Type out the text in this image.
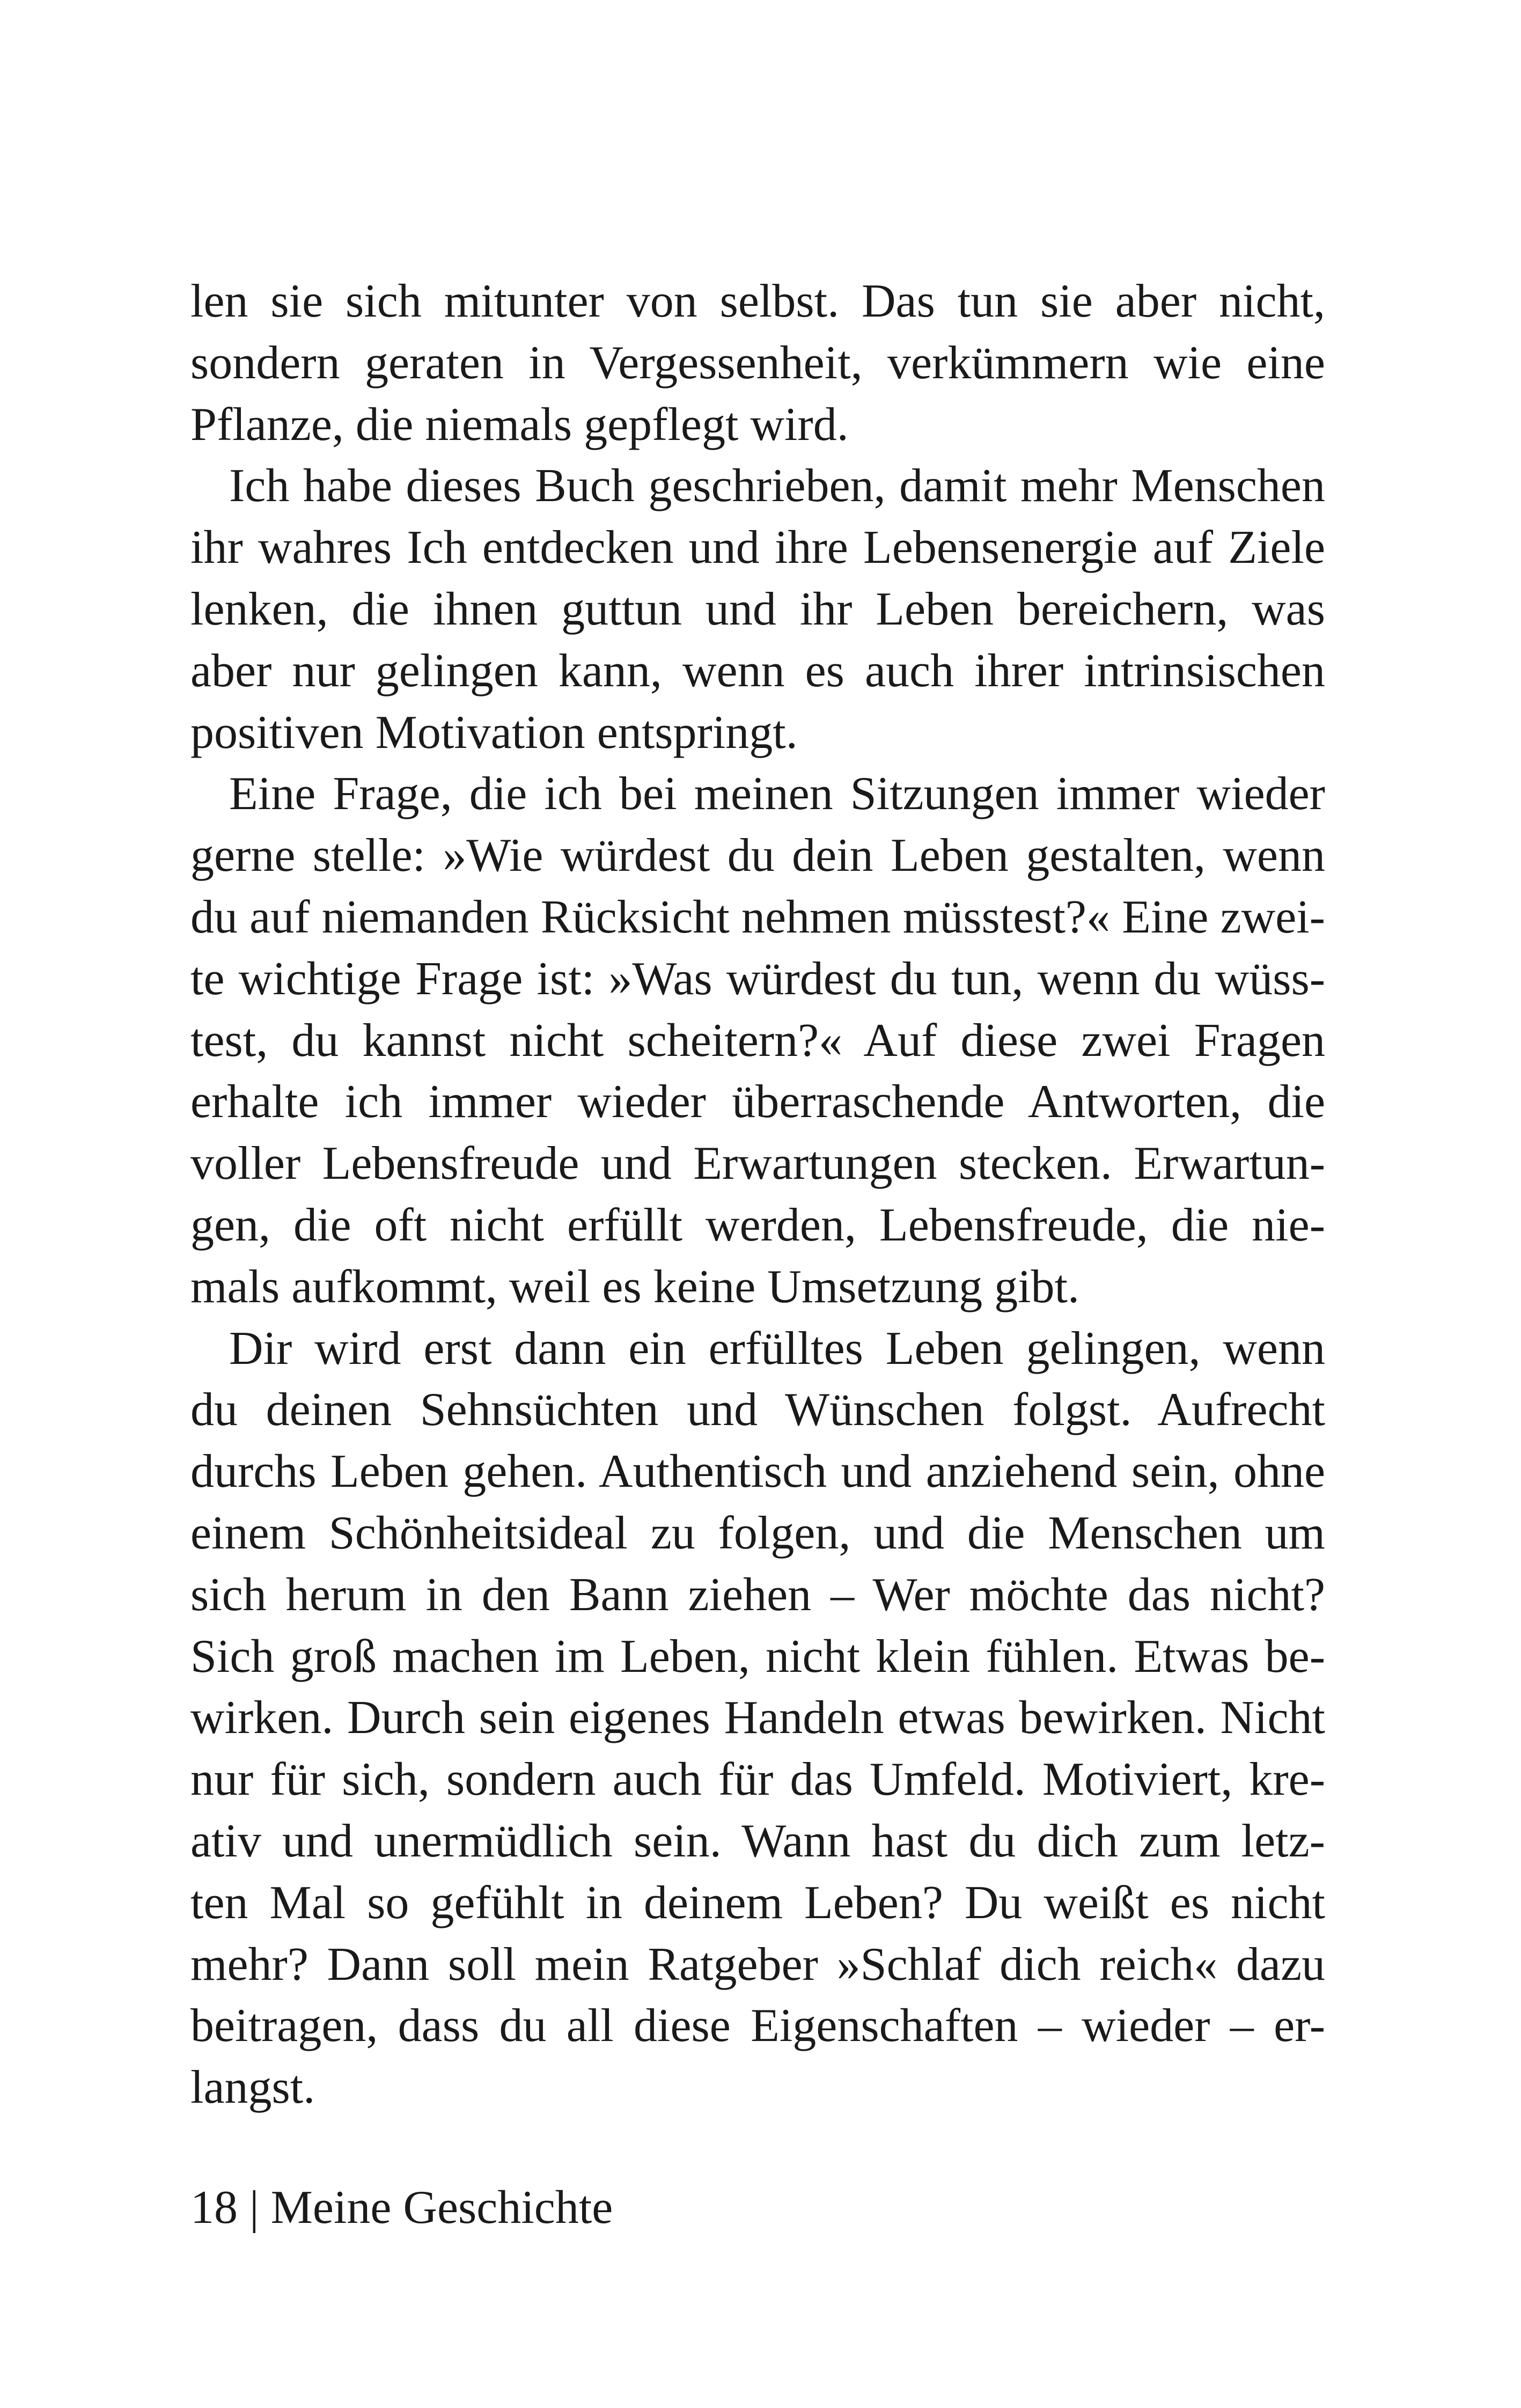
len sie sich mitunter von selbst. Das tun sie aber nicht,
sondern geraten in Vergessenheit, verkümmern wie eine
Pflanze, die niemals gepflegt wird.
Ich habe dieses Buch geschrieben, damit mehr Menschen
ihr wahres Ich entdecken und ihre Lebensenergie auf Ziele
lenken, die ihnen guttun und ihr Leben bereichern, was
aber nur gelingen kann, wenn es auch ihrer intrinsischen
positiven Motivation entspringt.
Eine Frage, die ich bei meinen Sitzungen immer wieder
gerne stelle: »Wie würdest du dein Leben gestalten, wenn
du auf niemanden Rücksicht nehmen müsstest?« Eine zwei-
te wichtige Frage ist: »Was würdest du tun, wenn du wüss-
test, du kannst nicht scheitern?« Auf diese zwei Fragen
erhalte ich immer wieder überraschende Antworten, die
voller Lebensfreude und Erwartungen stecken. Erwartun-
gen, die oft nicht erfüllt werden, Lebensfreude, die nie-
mals aufkommt, weil es keine Umsetzung gibt.
Dir wird erst dann ein erfülltes Leben gelingen, wenn
du deinen Sehnsüchten und Wünschen folgst. Aufrecht
durchs Leben gehen. Authentisch und anziehend sein, ohne
einem Schönheitsideal zu folgen, und die Menschen um
sich herum in den Bann ziehen – Wer möchte das nicht?
Sich groß machen im Leben, nicht klein fühlen. Etwas be-
wirken. Durch sein eigenes Handeln etwas bewirken. Nicht
nur für sich, sondern auch für das Umfeld. Motiviert, kre-
ativ und unermüdlich sein. Wann hast du dich zum letz-
ten Mal so gefühlt in deinem Leben? Du weißt es nicht
mehr? Dann soll mein Ratgeber »Schlaf dich reich« dazu
beitragen, dass du all diese Eigenschaften – wieder – er-
langst.
18 | Meine Geschichte
